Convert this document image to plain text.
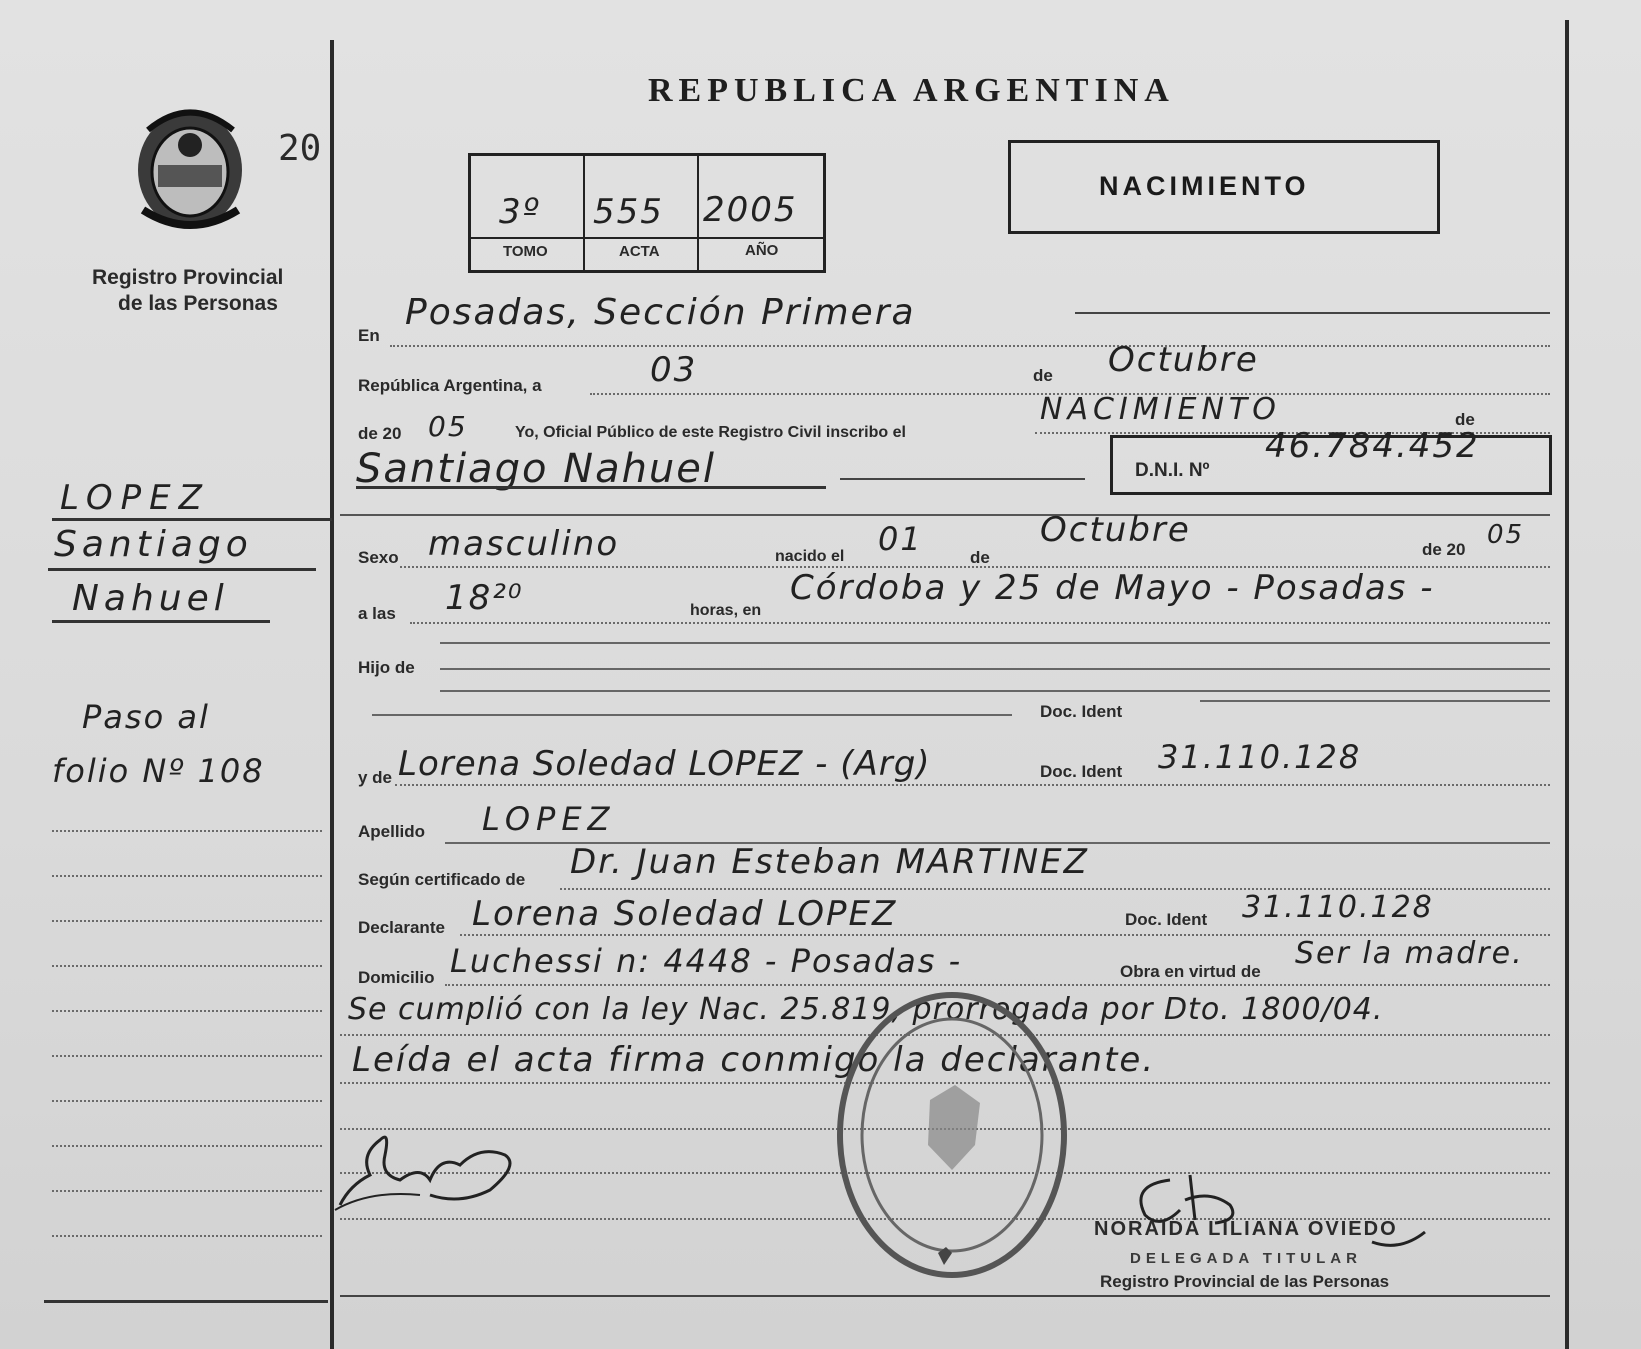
20
Registro Provincial
de las Personas
REPUBLICA ARGENTINA
3º 555 2005
TOMO	ACTA	AÑO
NACIMIENTO
LOPEZ
Santiago
Nahuel
Paso al
folio Nº 108
En
Posadas, Sección Primera
República Argentina, a	03	de Octubre
de 20 05	Yo, Oficial Público de este Registro Civil inscribo el
NACIMIENTO	de
Santiago Nahuel	D.N.I. Nº
46.784.452
Sexo masculino	nacido el 01	de
Octubre	de 20 05
a las 18²⁰	horas, en
Córdoba y 25 de Mayo - Posadas -
Hijo de
Doc. Ident
y de Lorena Soledad LOPEZ - (Arg)	Doc. Ident 31.110.128
Apellido LOPEZ
Según certificado de Dr. Juan Esteban MARTINEZ
Declarante Lorena Soledad LOPEZ	Doc. Ident 31.110.128
Domicilio Luchessi n: 4448 - Posadas -	Obra en virtud de
Ser la madre.
Se cumplió con la ley Nac. 25.819, prorrogada por Dto. 1800/04.
Leída el acta firma conmigo la declarante.
NORAIDA LILIANA OVIEDO
DELEGADA TITULAR
Registro Provincial de las Personas
